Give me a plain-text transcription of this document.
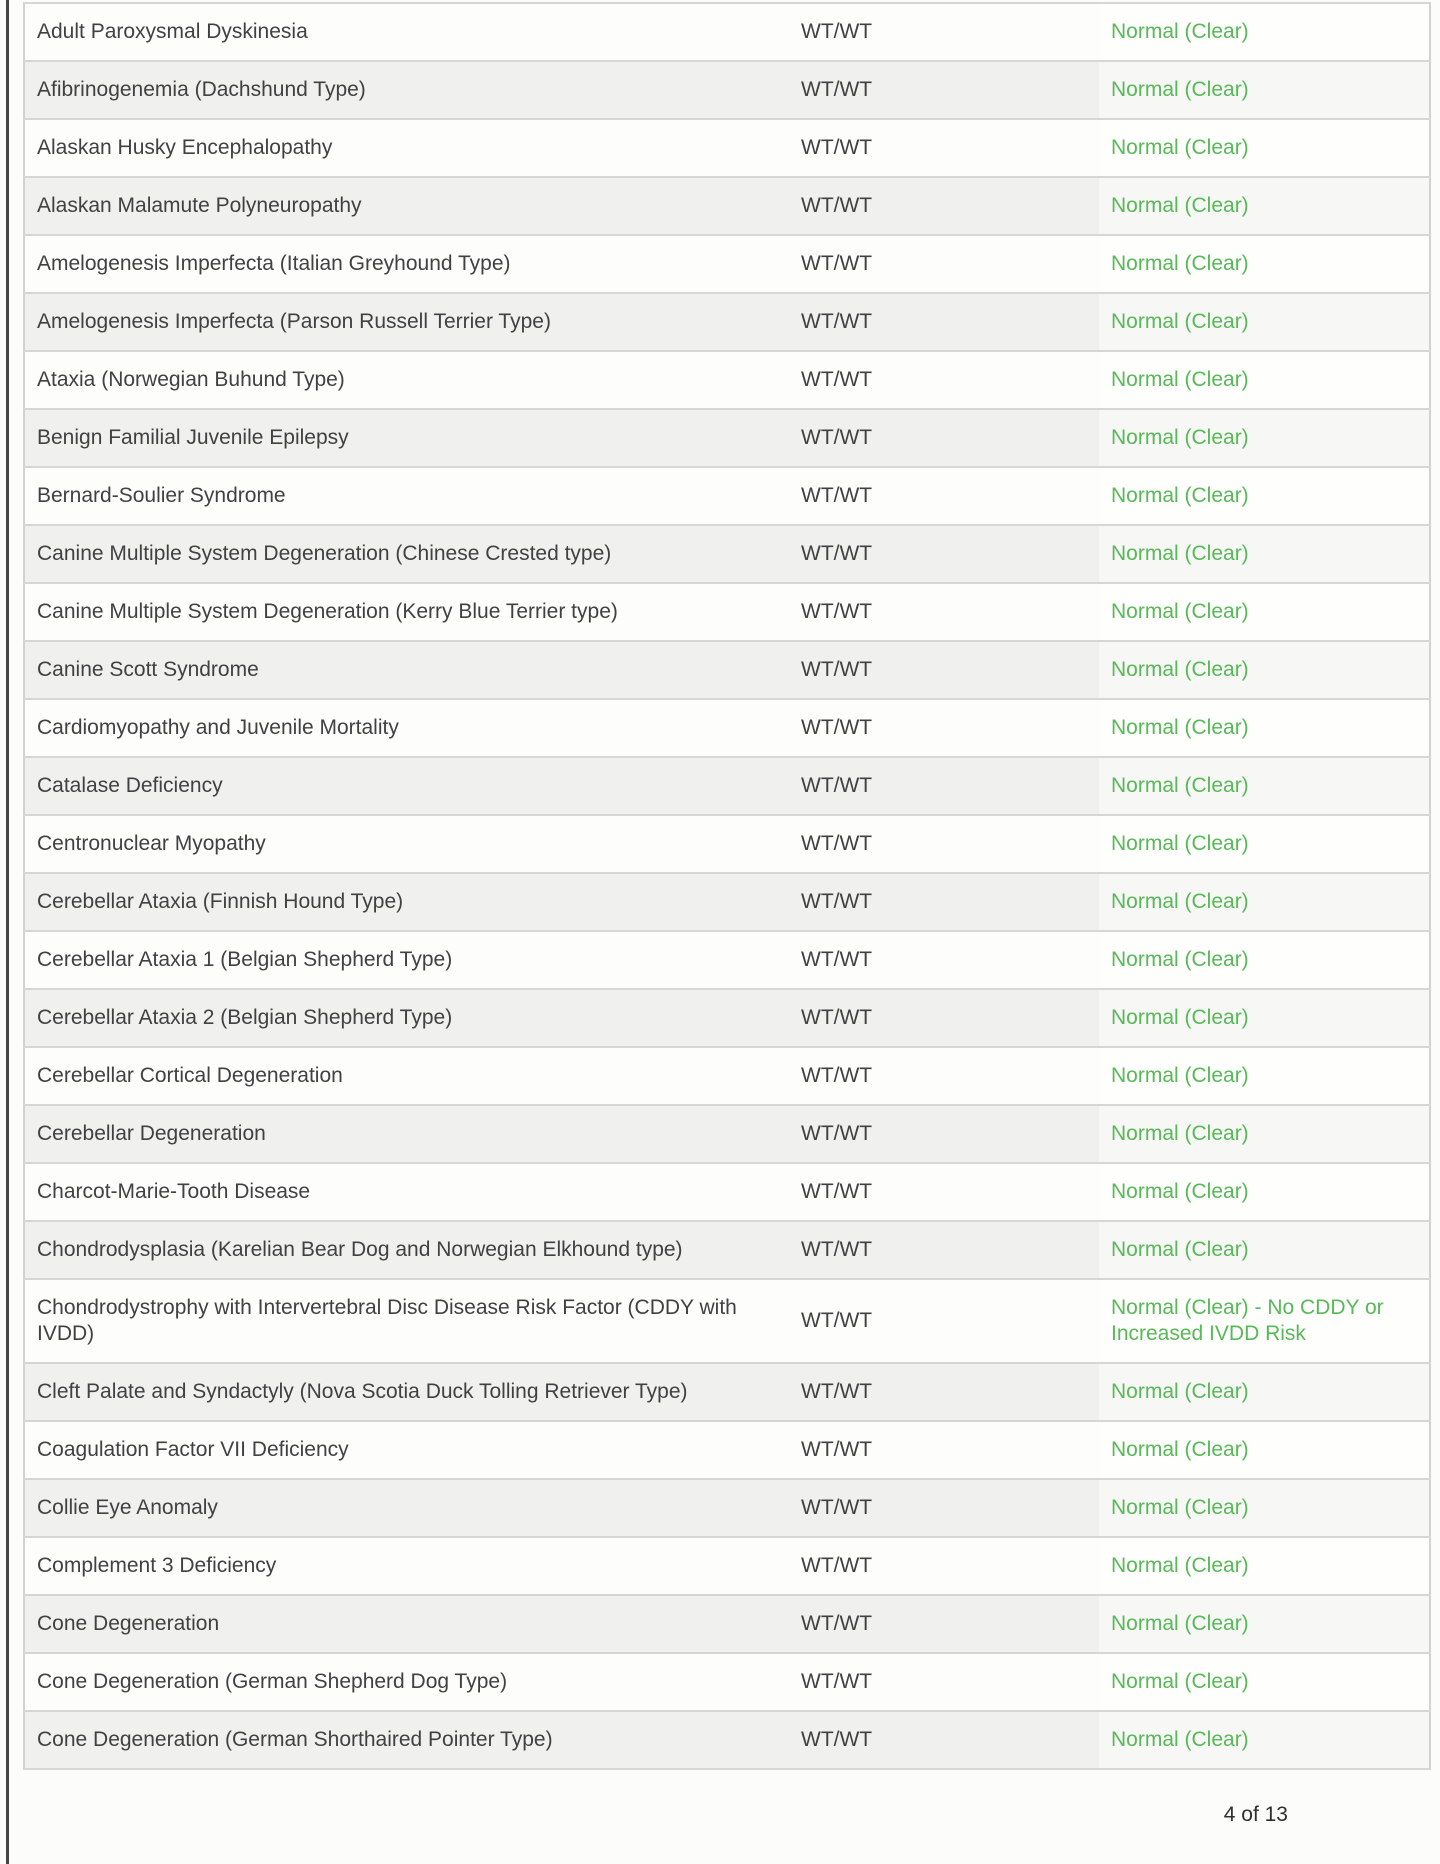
Adult Paroxysmal Dyskinesia	WT/WT	Normal (Clear)
Afibrinogenemia (Dachshund Type)	WT/WT	Normal (Clear)
Alaskan Husky Encephalopathy	WT/WT	Normal (Clear)
Alaskan Malamute Polyneuropathy	WT/WT	Normal (Clear)
Amelogenesis Imperfecta (Italian Greyhound Type)	WT/WT	Normal (Clear)
Amelogenesis Imperfecta (Parson Russell Terrier Type)	WT/WT	Normal (Clear)
Ataxia (Norwegian Buhund Type)	WT/WT	Normal (Clear)
Benign Familial Juvenile Epilepsy	WT/WT	Normal (Clear)
Bernard-Soulier Syndrome	WT/WT	Normal (Clear)
Canine Multiple System Degeneration (Chinese Crested type)	WT/WT	Normal (Clear)
Canine Multiple System Degeneration (Kerry Blue Terrier type)	WT/WT	Normal (Clear)
Canine Scott Syndrome	WT/WT	Normal (Clear)
Cardiomyopathy and Juvenile Mortality	WT/WT	Normal (Clear)
Catalase Deficiency	WT/WT	Normal (Clear)
Centronuclear Myopathy	WT/WT	Normal (Clear)
Cerebellar Ataxia (Finnish Hound Type)	WT/WT	Normal (Clear)
Cerebellar Ataxia 1 (Belgian Shepherd Type)	WT/WT	Normal (Clear)
Cerebellar Ataxia 2 (Belgian Shepherd Type)	WT/WT	Normal (Clear)
Cerebellar Cortical Degeneration	WT/WT	Normal (Clear)
Cerebellar Degeneration	WT/WT	Normal (Clear)
Charcot-Marie-Tooth Disease	WT/WT	Normal (Clear)
Chondrodysplasia (Karelian Bear Dog and Norwegian Elkhound type)	WT/WT	Normal (Clear)
Chondrodystrophy with Intervertebral Disc Disease Risk Factor (CDDY with IVDD)	WT/WT	Normal (Clear) - No CDDY or Increased IVDD Risk
Cleft Palate and Syndactyly (Nova Scotia Duck Tolling Retriever Type)	WT/WT	Normal (Clear)
Coagulation Factor VII Deficiency	WT/WT	Normal (Clear)
Collie Eye Anomaly	WT/WT	Normal (Clear)
Complement 3 Deficiency	WT/WT	Normal (Clear)
Cone Degeneration	WT/WT	Normal (Clear)
Cone Degeneration (German Shepherd Dog Type)	WT/WT	Normal (Clear)
Cone Degeneration (German Shorthaired Pointer Type)	WT/WT	Normal (Clear)
4 of 13
